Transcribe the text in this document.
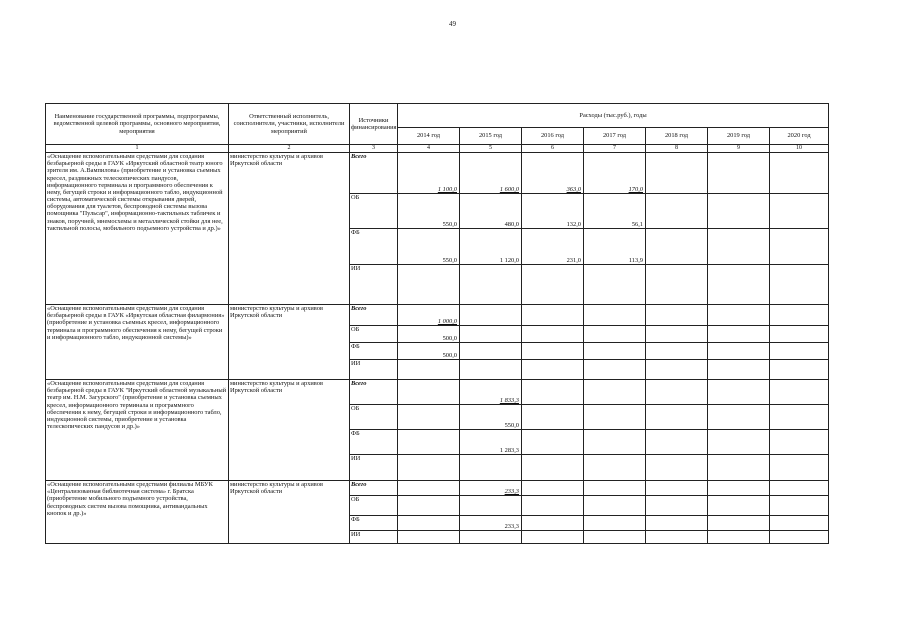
49
Наименование государственной программы, подпрограммы, ведомственной целевой программы, основного мероприятия, мероприятия	Ответственный исполнитель, соисполнители, участники, исполнители мероприятий	Источники финансирования	Расходы (тыс.руб.), годы						
			2014 год	2015 год	2016 год	2017 год	2018 год	2019 год	2020 год
1	2	3	4	5	6	7	8	9	10
«Оснащение вспомогательными средствами для создания безбарьерной среды в ГАУК «Иркутский областной театр юного зрителя им. А.Вампилова» (приобретение и установка съемных кресел, раздвижных телескопических пандусов, информационного терминала и программного обеспечения к нему, бегущей строки и информационного табло, индукционной системы, автоматической системы открывания дверей, оборудования для туалетов, беспроводной системы вызова помощника "Пульсар", информационно-тактильных табличек и знаков, поручней, мнемосхемы и металлической стойки для нее, тактильной полосы, мобильного подъемного устройства и др.)»	министерство культуры и архивов Иркутской области	Всего	1 100,0	1 600,0	363,0	170,0			
		ОБ	550,0	480,0	132,0	56,1			
		ФБ	550,0	1 120,0	231,0	113,9			
		ИИ							
«Оснащение вспомогательными средствами для создания безбарьерной среды в ГАУК «Иркутская областная филармония» (приобретение и установка съемных кресел, информационного терминала и программного обеспечения к нему, бегущей строки и информационного табло, индукционной системы)»	министерство культуры и архивов Иркутской области	Всего	1 000,0						
		ОБ	500,0						
		ФБ	500,0						
		ИИ							
«Оснащение вспомогательными средствами для создания безбарьерной среды в ГАУК "Иркутский областной музыкальный театр им. Н.М. Загурского" (приобретение и установка съемных кресел, информационного терминала и программного обеспечения к нему, бегущей строки и информационного табло, индукционной системы, приобретение и установка телескопических пандусов и др.)»	министерство культуры и архивов Иркутской области	Всего		1 833,3					
		ОБ		550,0					
		ФБ		1 283,3					
		ИИ							
«Оснащение вспомогательными средствами филиалы МБУК «Централизованная библиотечная система» г. Братска (приобретение мобильного подъемного устройства, беспроводных систем вызова помощника, антивандальных кнопок и др.)»	министерство культуры и архивов Иркутской области	Всего		233,3					
		ОБ							
		ФБ		233,3					
		ИИ							
